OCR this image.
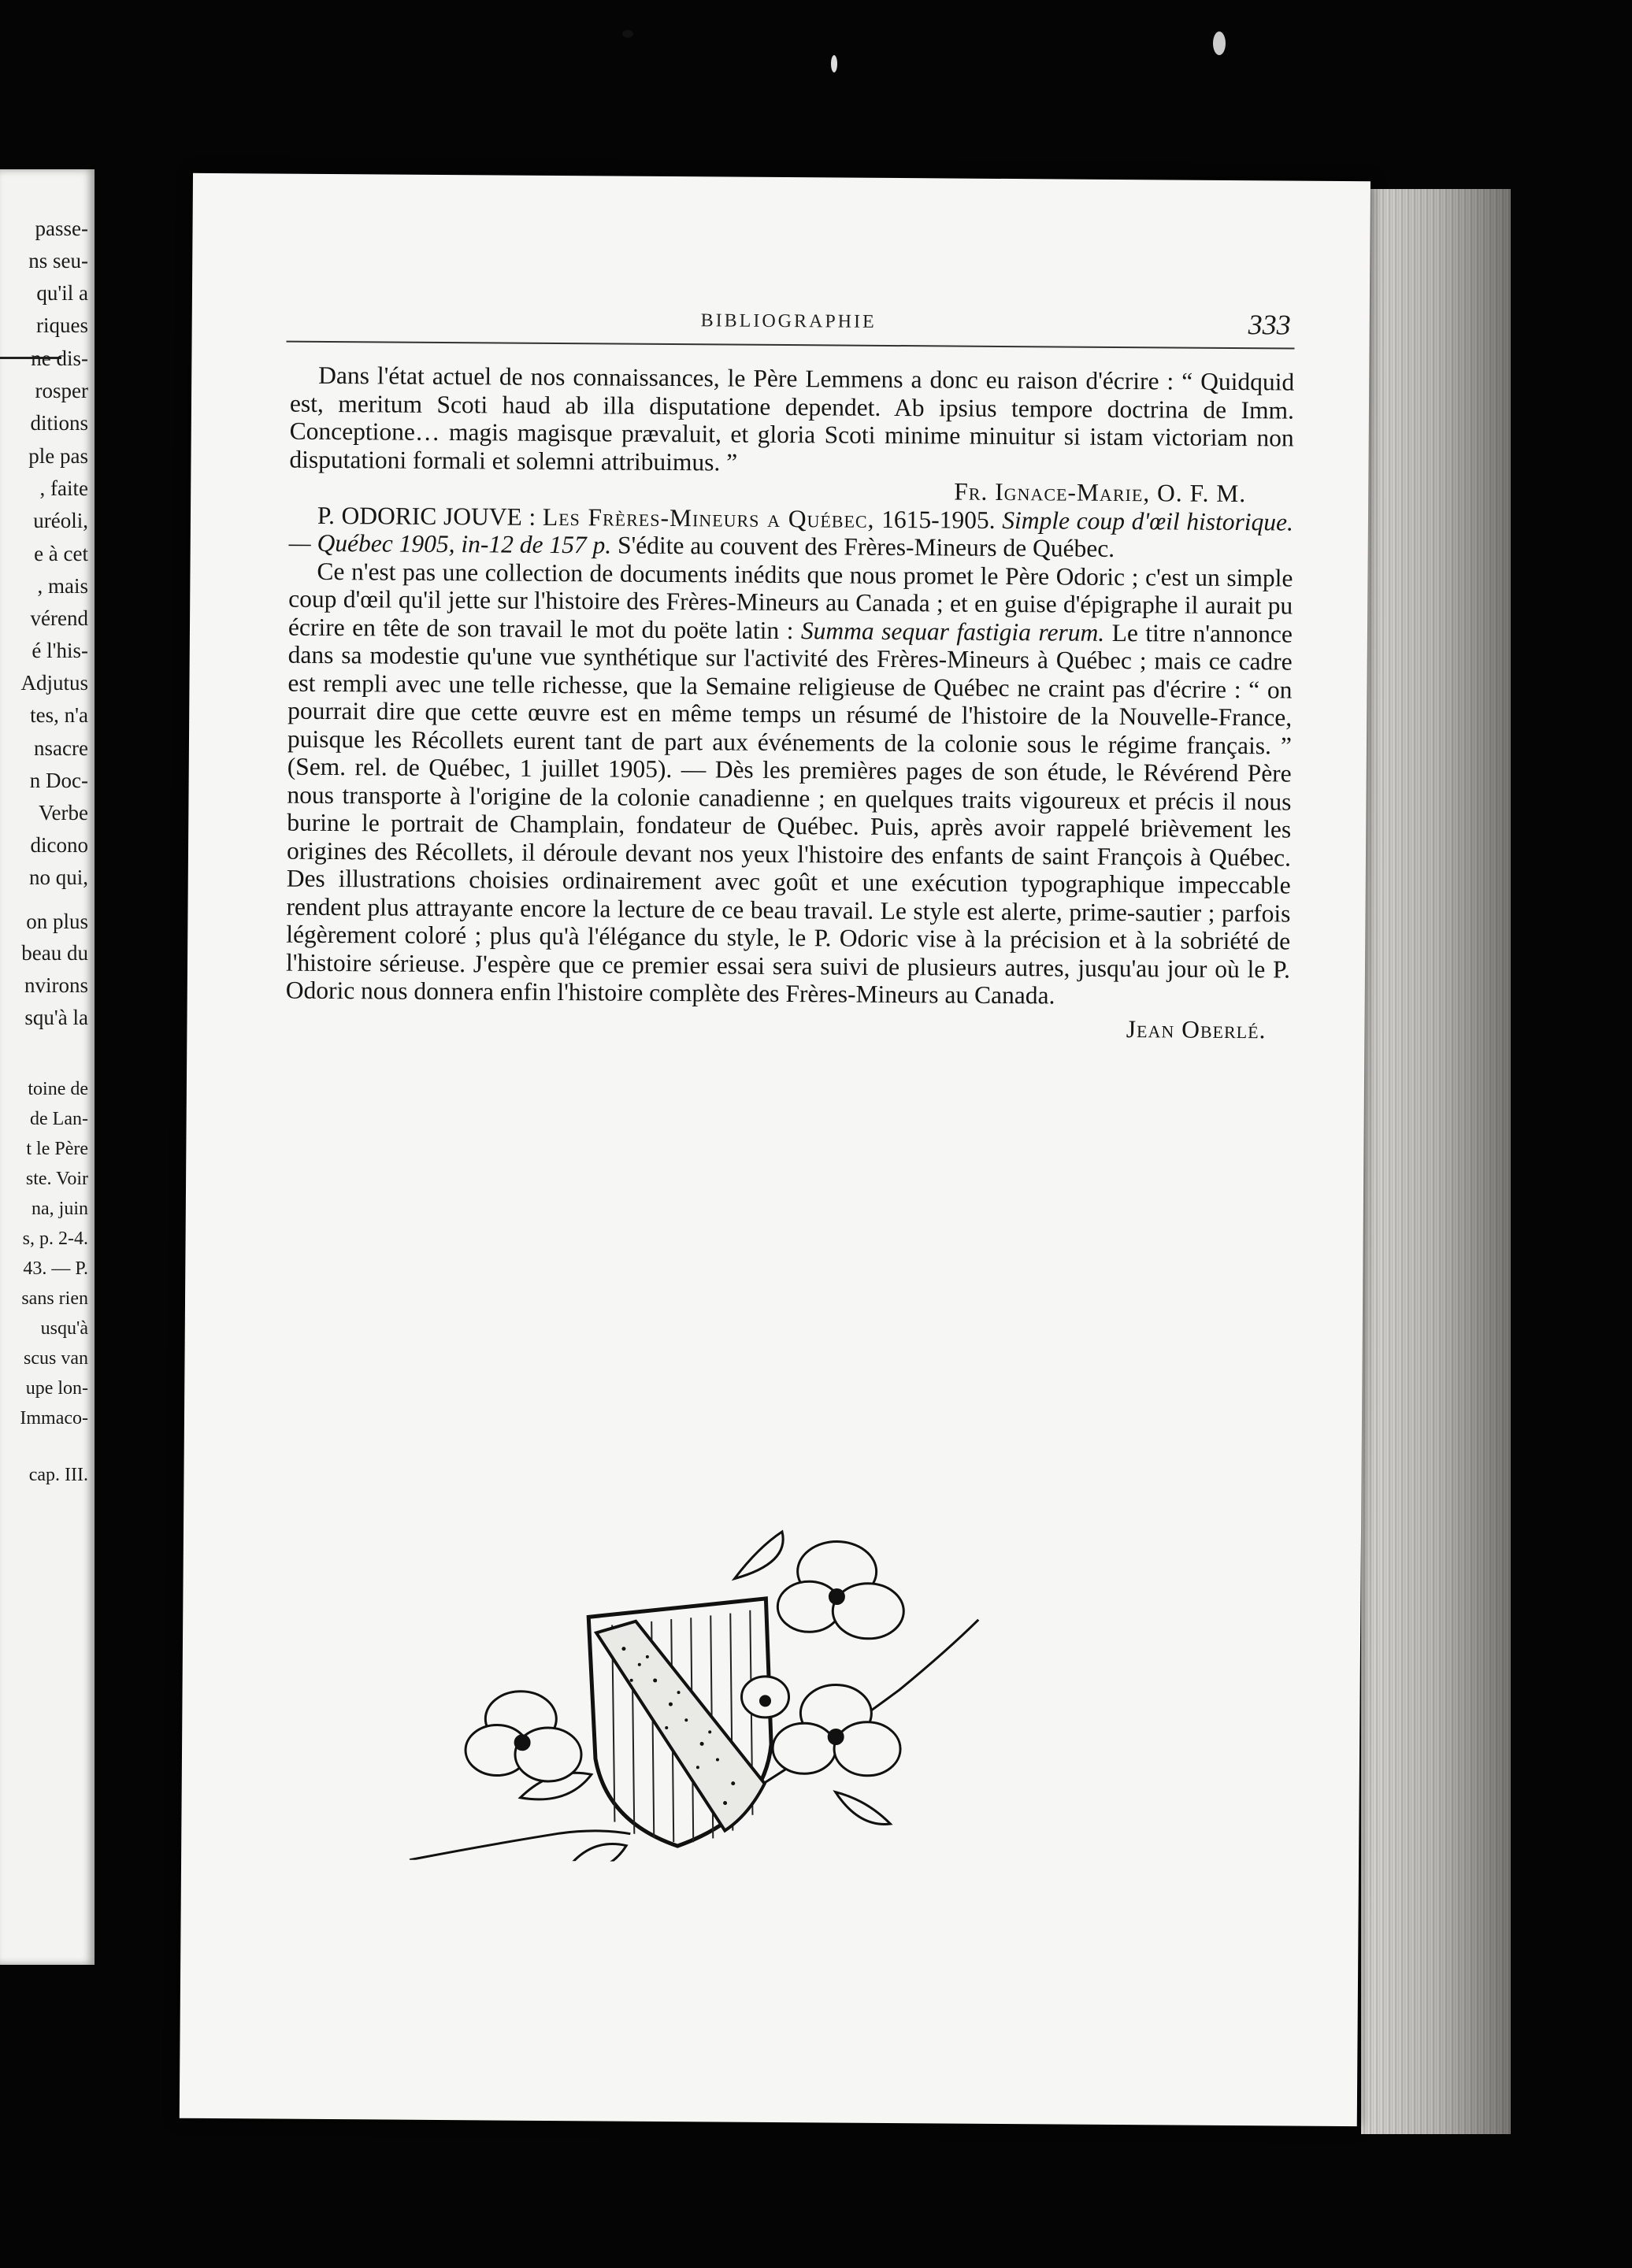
passe-
ns seu-
qu'il a
riques
ne dis-
rosper
ditions
ple pas
, faite
uréoli,
e à cet
, mais
vérend
é l'his-
Adjutus
tes, n'a
nsacre
n Doc-
Verbe
dicono
no qui,
on plus
beau du
nvirons
squ'à la
toine de
de Lan-
t le Père
ste. Voir
na, juin
s, p. 2-4.
43. — P.
sans rien
usqu'à
scus van
upe lon-
Immaco-
cap. III.
BIBLIOGRAPHIE	333

Dans l'état actuel de nos connaissances, le Père Lemmens a donc eu raison d'écrire : “ Quidquid est, meritum Scoti haud ab illa disputatione dependet. Ab ipsius tempore doctrina de Imm. Conceptione… magis magisque prævaluit, et gloria Scoti minime minuitur si istam victoriam non disputationi formali et solemni attribuimus. ”

Fr. Ignace-Marie, O. F. M.

P. ODORIC JOUVE : Les Frères-Mineurs a Québec, 1615-1905. Simple coup d'œil historique. — Québec 1905, in-12 de 157 p. S'édite au couvent des Frères-Mineurs de Québec.

Ce n'est pas une collection de documents inédits que nous promet le Père Odoric ; c'est un simple coup d'œil qu'il jette sur l'histoire des Frères-Mineurs au Canada ; et en guise d'épigraphe il aurait pu écrire en tête de son travail le mot du poëte latin : Summa sequar fastigia rerum. Le titre n'annonce dans sa modestie qu'une vue synthétique sur l'activité des Frères-Mineurs à Québec ; mais ce cadre est rempli avec une telle richesse, que la Semaine religieuse de Québec ne craint pas d'écrire : “ on pourrait dire que cette œuvre est en même temps un résumé de l'histoire de la Nouvelle-France, puisque les Récollets eurent tant de part aux événements de la colonie sous le régime français. ” (Sem. rel. de Québec, 1 juillet 1905). — Dès les premières pages de son étude, le Révérend Père nous transporte à l'origine de la colonie canadienne ; en quelques traits vigoureux et précis il nous burine le portrait de Champlain, fondateur de Québec. Puis, après avoir rappelé brièvement les origines des Récollets, il déroule devant nos yeux l'histoire des enfants de saint François à Québec. Des illustrations choisies ordinairement avec goût et une exécution typographique impeccable rendent plus attrayante encore la lecture de ce beau travail. Le style est alerte, prime-sautier ; parfois légèrement coloré ; plus qu'à l'élégance du style, le P. Odoric vise à la précision et à la sobriété de l'histoire sérieuse. J'espère que ce premier essai sera suivi de plusieurs autres, jusqu'au jour où le P. Odoric nous donnera enfin l'histoire complète des Frères-Mineurs au Canada.

Jean Oberlé.
